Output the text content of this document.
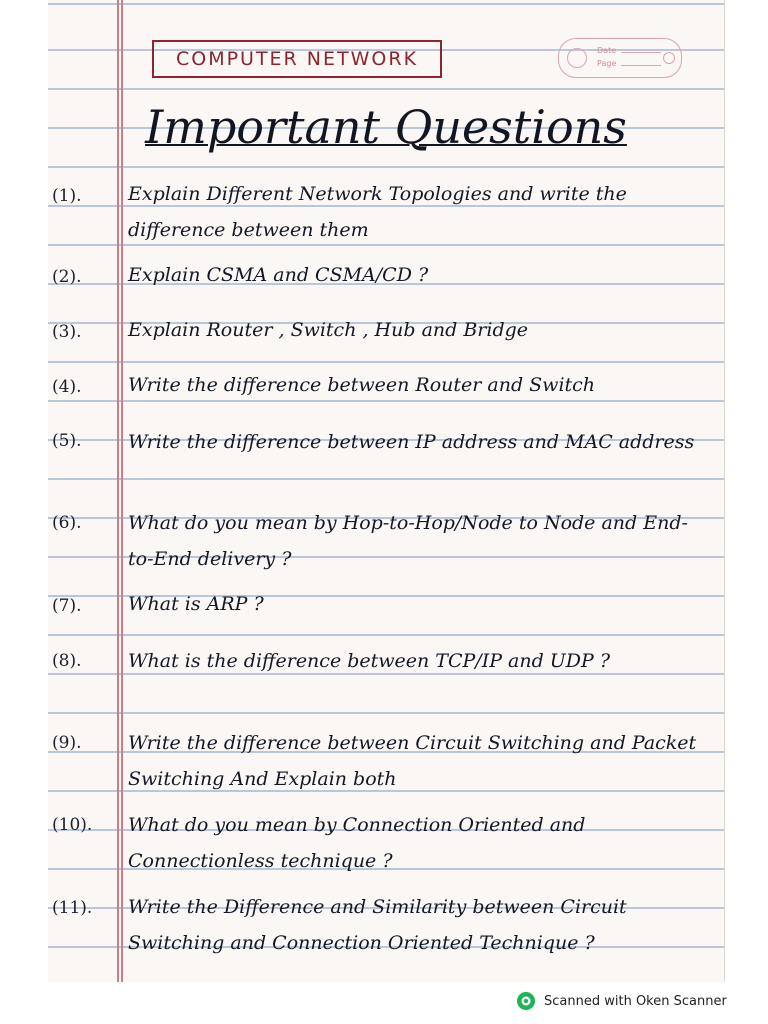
COMPUTER NETWORK	Date
Page
Important Questions
(1).	Explain Different Network Topologies and write the difference between them
(2).	Explain CSMA and CSMA/CD ?
(3).	Explain Router , Switch , Hub and Bridge
(4).	Write the difference between Router and Switch
(5).	Write the difference between IP address and MAC address
(6).	What do you mean by Hop-to-Hop/Node to Node and End-to-End delivery ?
(7).	What is ARP ?
(8).	What is the difference between TCP/IP and UDP ?
(9).	Write the difference between Circuit Switching and Packet Switching And Explain both
(10).	What do you mean by Connection Oriented and Connectionless technique ?
(11).	Write the Difference and Similarity between Circuit Switching and Connection Oriented Technique ?
Scanned with Oken Scanner
